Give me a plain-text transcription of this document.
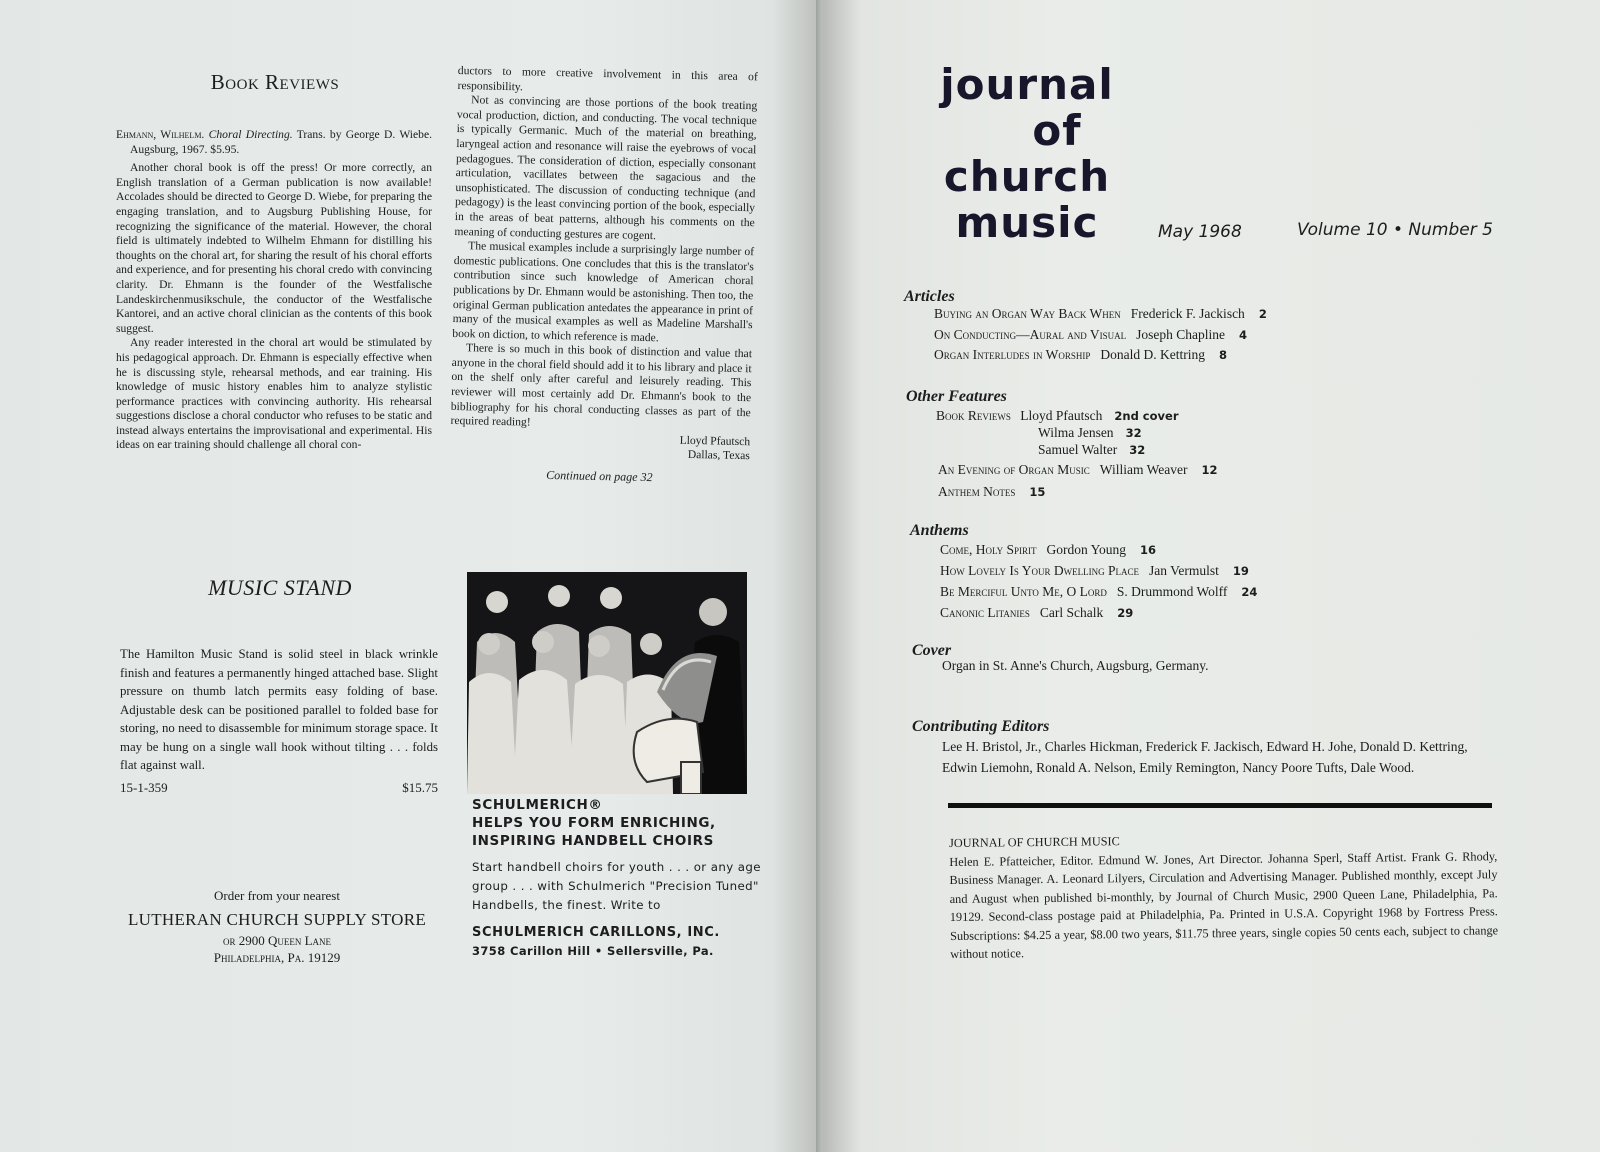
Book Reviews

Ehmann, Wilhelm. Choral Directing. Trans. by George D. Wiebe. Augsburg, 1967. $5.95.

Another choral book is off the press! Or more correctly, an English translation of a German publication is now available! Accolades should be directed to George D. Wiebe, for preparing the engaging translation, and to Augsburg Publishing House, for recognizing the significance of the material. However, the choral field is ultimately indebted to Wilhelm Ehmann for distilling his thoughts on the choral art, for sharing the result of his choral efforts and experience, and for presenting his choral credo with convincing clarity. Dr. Ehmann is the founder of the Westfalische Landeskirchenmusikschule, the conductor of the Westfalische Kantorei, and an active choral clinician as the contents of this book suggest.

Any reader interested in the choral art would be stimulated by his pedagogical approach. Dr. Ehmann is especially effective when he is discussing style, rehearsal methods, and ear training. His knowledge of music history enables him to analyze stylistic performance practices with convincing authority. His rehearsal suggestions disclose a choral conductor who refuses to be static and instead always entertains the improvisational and experimental. His ideas on ear training should challenge all choral con-

ductors to more creative involvement in this area of responsibility.

Not as convincing are those portions of the book treating vocal production, diction, and conducting. The vocal technique is typically Germanic. Much of the material on breathing, laryngeal action and resonance will raise the eyebrows of vocal pedagogues. The consideration of diction, especially consonant articulation, vacillates between the sagacious and the unsophisticated. The discussion of conducting technique (and pedagogy) is the least convincing portion of the book, especially in the areas of beat patterns, although his comments on the meaning of conducting gestures are cogent.

The musical examples include a surprisingly large number of domestic publications. One concludes that this is the translator's contribution since such knowledge of American choral publications by Dr. Ehmann would be astonishing. Then too, the original German publication antedates the appearance in print of many of the musical examples as well as Madeline Marshall's book on diction, to which reference is made.

There is so much in this book of distinction and value that anyone in the choral field should add it to his library and place it on the shelf only after careful and leisurely reading. This reviewer will most certainly add Dr. Ehmann's book to the bibliography for his choral conducting classes as part of the required reading!

Lloyd Pfautsch

Dallas, Texas

Continued on page 32

MUSIC STAND
The Hamilton Music Stand is solid steel in black wrinkle finish and features a permanently hinged attached base. Slight pressure on thumb latch permits easy folding of base. Adjustable desk can be positioned parallel to folded base for storing, no need to disassemble for minimum storage space. It may be hung on a single wall hook without tilting . . . folds flat against wall.
15-1-359	$15.75
Order from your nearest
LUTHERAN CHURCH SUPPLY STORE
or 2900 Queen Lane
Philadelphia, Pa. 19129
SCHULMERICH®
HELPS YOU FORM ENRICHING,
INSPIRING HANDBELL CHOIRS
Start handbell choirs for youth . . . or any age group . . . with Schulmerich "Precision Tuned" Handbells, the finest. Write to
SCHULMERICH CARILLONS, INC.
3758 Carillon Hill • Sellersville, Pa.
journal
of
church
music	May 1968	Volume 10 • Number 5
Articles
Buying an Organ Way Back When Frederick F. Jackisch 2
On Conducting—Aural and Visual Joseph Chapline 4
Organ Interludes in Worship Donald D. Kettring 8
Other Features
Book Reviews Lloyd Pfautsch 2nd cover
Wilma Jensen 32
Samuel Walter 32
An Evening of Organ Music William Weaver 12
Anthem Notes 15
Anthems
Come, Holy Spirit Gordon Young 16
How Lovely Is Your Dwelling Place Jan Vermulst 19
Be Merciful Unto Me, O Lord S. Drummond Wolff 24
Canonic Litanies Carl Schalk 29
Cover
Organ in St. Anne's Church, Augsburg, Germany.
Contributing Editors
Lee H. Bristol, Jr., Charles Hickman, Frederick F. Jackisch, Edward H. Johe, Donald D. Kettring, Edwin Liemohn, Ronald A. Nelson, Emily Remington, Nancy Poore Tufts, Dale Wood.
JOURNAL OF CHURCH MUSIC
Helen E. Pfatteicher, Editor. Edmund W. Jones, Art Director. Johanna Sperl, Staff Artist. Frank G. Rhody, Business Manager. A. Leonard Lilyers, Circulation and Advertising Manager. Published monthly, except July and August when published bi-monthly, by Journal of Church Music, 2900 Queen Lane, Philadelphia, Pa. 19129. Second-class postage paid at Philadelphia, Pa. Printed in U.S.A. Copyright 1968 by Fortress Press. Subscriptions: $4.25 a year, $8.00 two years, $11.75 three years, single copies 50 cents each, subject to change without notice.
